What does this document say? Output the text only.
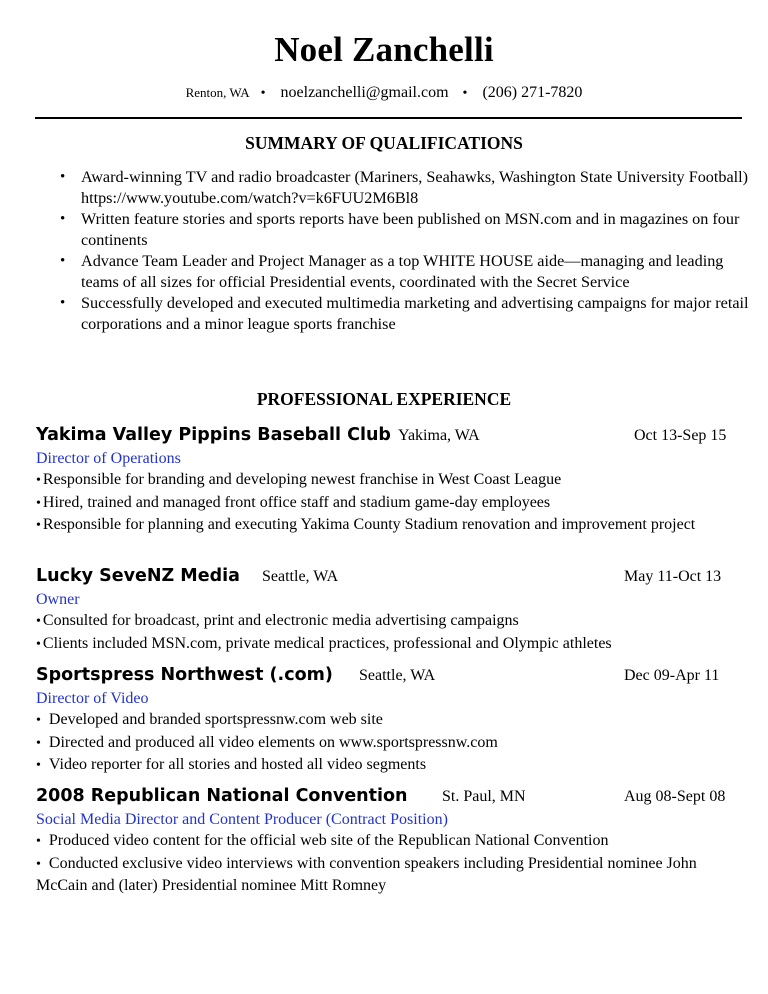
Noel Zanchelli
Renton, WA • noelzanchelli@gmail.com • (206) 271-7820
SUMMARY OF QUALIFICATIONS
• Award-winning TV and radio broadcaster (Mariners, Seahawks, Washington State University Football) https://www.youtube.com/watch?v=k6FUU2M6Bl8
• Written feature stories and sports reports have been published on MSN.com and in magazines on four continents
• Advance Team Leader and Project Manager as a top WHITE HOUSE aide—managing and leading teams of all sizes for official Presidential events, coordinated with the Secret Service
• Successfully developed and executed multimedia marketing and advertising campaigns for major retail corporations and a minor league sports franchise
PROFESSIONAL EXPERIENCE
Yakima Valley Pippins Baseball Club Yakima, WA	Oct 13-Sep 15
Director of Operations
• Responsible for branding and developing newest franchise in West Coast League
• Hired, trained and managed front office staff and stadium game-day employees
• Responsible for planning and executing Yakima County Stadium renovation and improvement project
Lucky SeveNZ Media Seattle, WA	May 11-Oct 13
Owner
• Consulted for broadcast, print and electronic media advertising campaigns
• Clients included MSN.com, private medical practices, professional and Olympic athletes
Sportspress Northwest (.com) Seattle, WA	Dec 09-Apr 11
Director of Video
• Developed and branded sportspressnw.com web site
• Directed and produced all video elements on www.sportspressnw.com
• Video reporter for all stories and hosted all video segments
2008 Republican National Convention St. Paul, MN	Aug 08-Sept 08
Social Media Director and Content Producer (Contract Position)
• Produced video content for the official web site of the Republican National Convention
• Conducted exclusive video interviews with convention speakers including Presidential nominee John McCain and (later) Presidential nominee Mitt Romney
